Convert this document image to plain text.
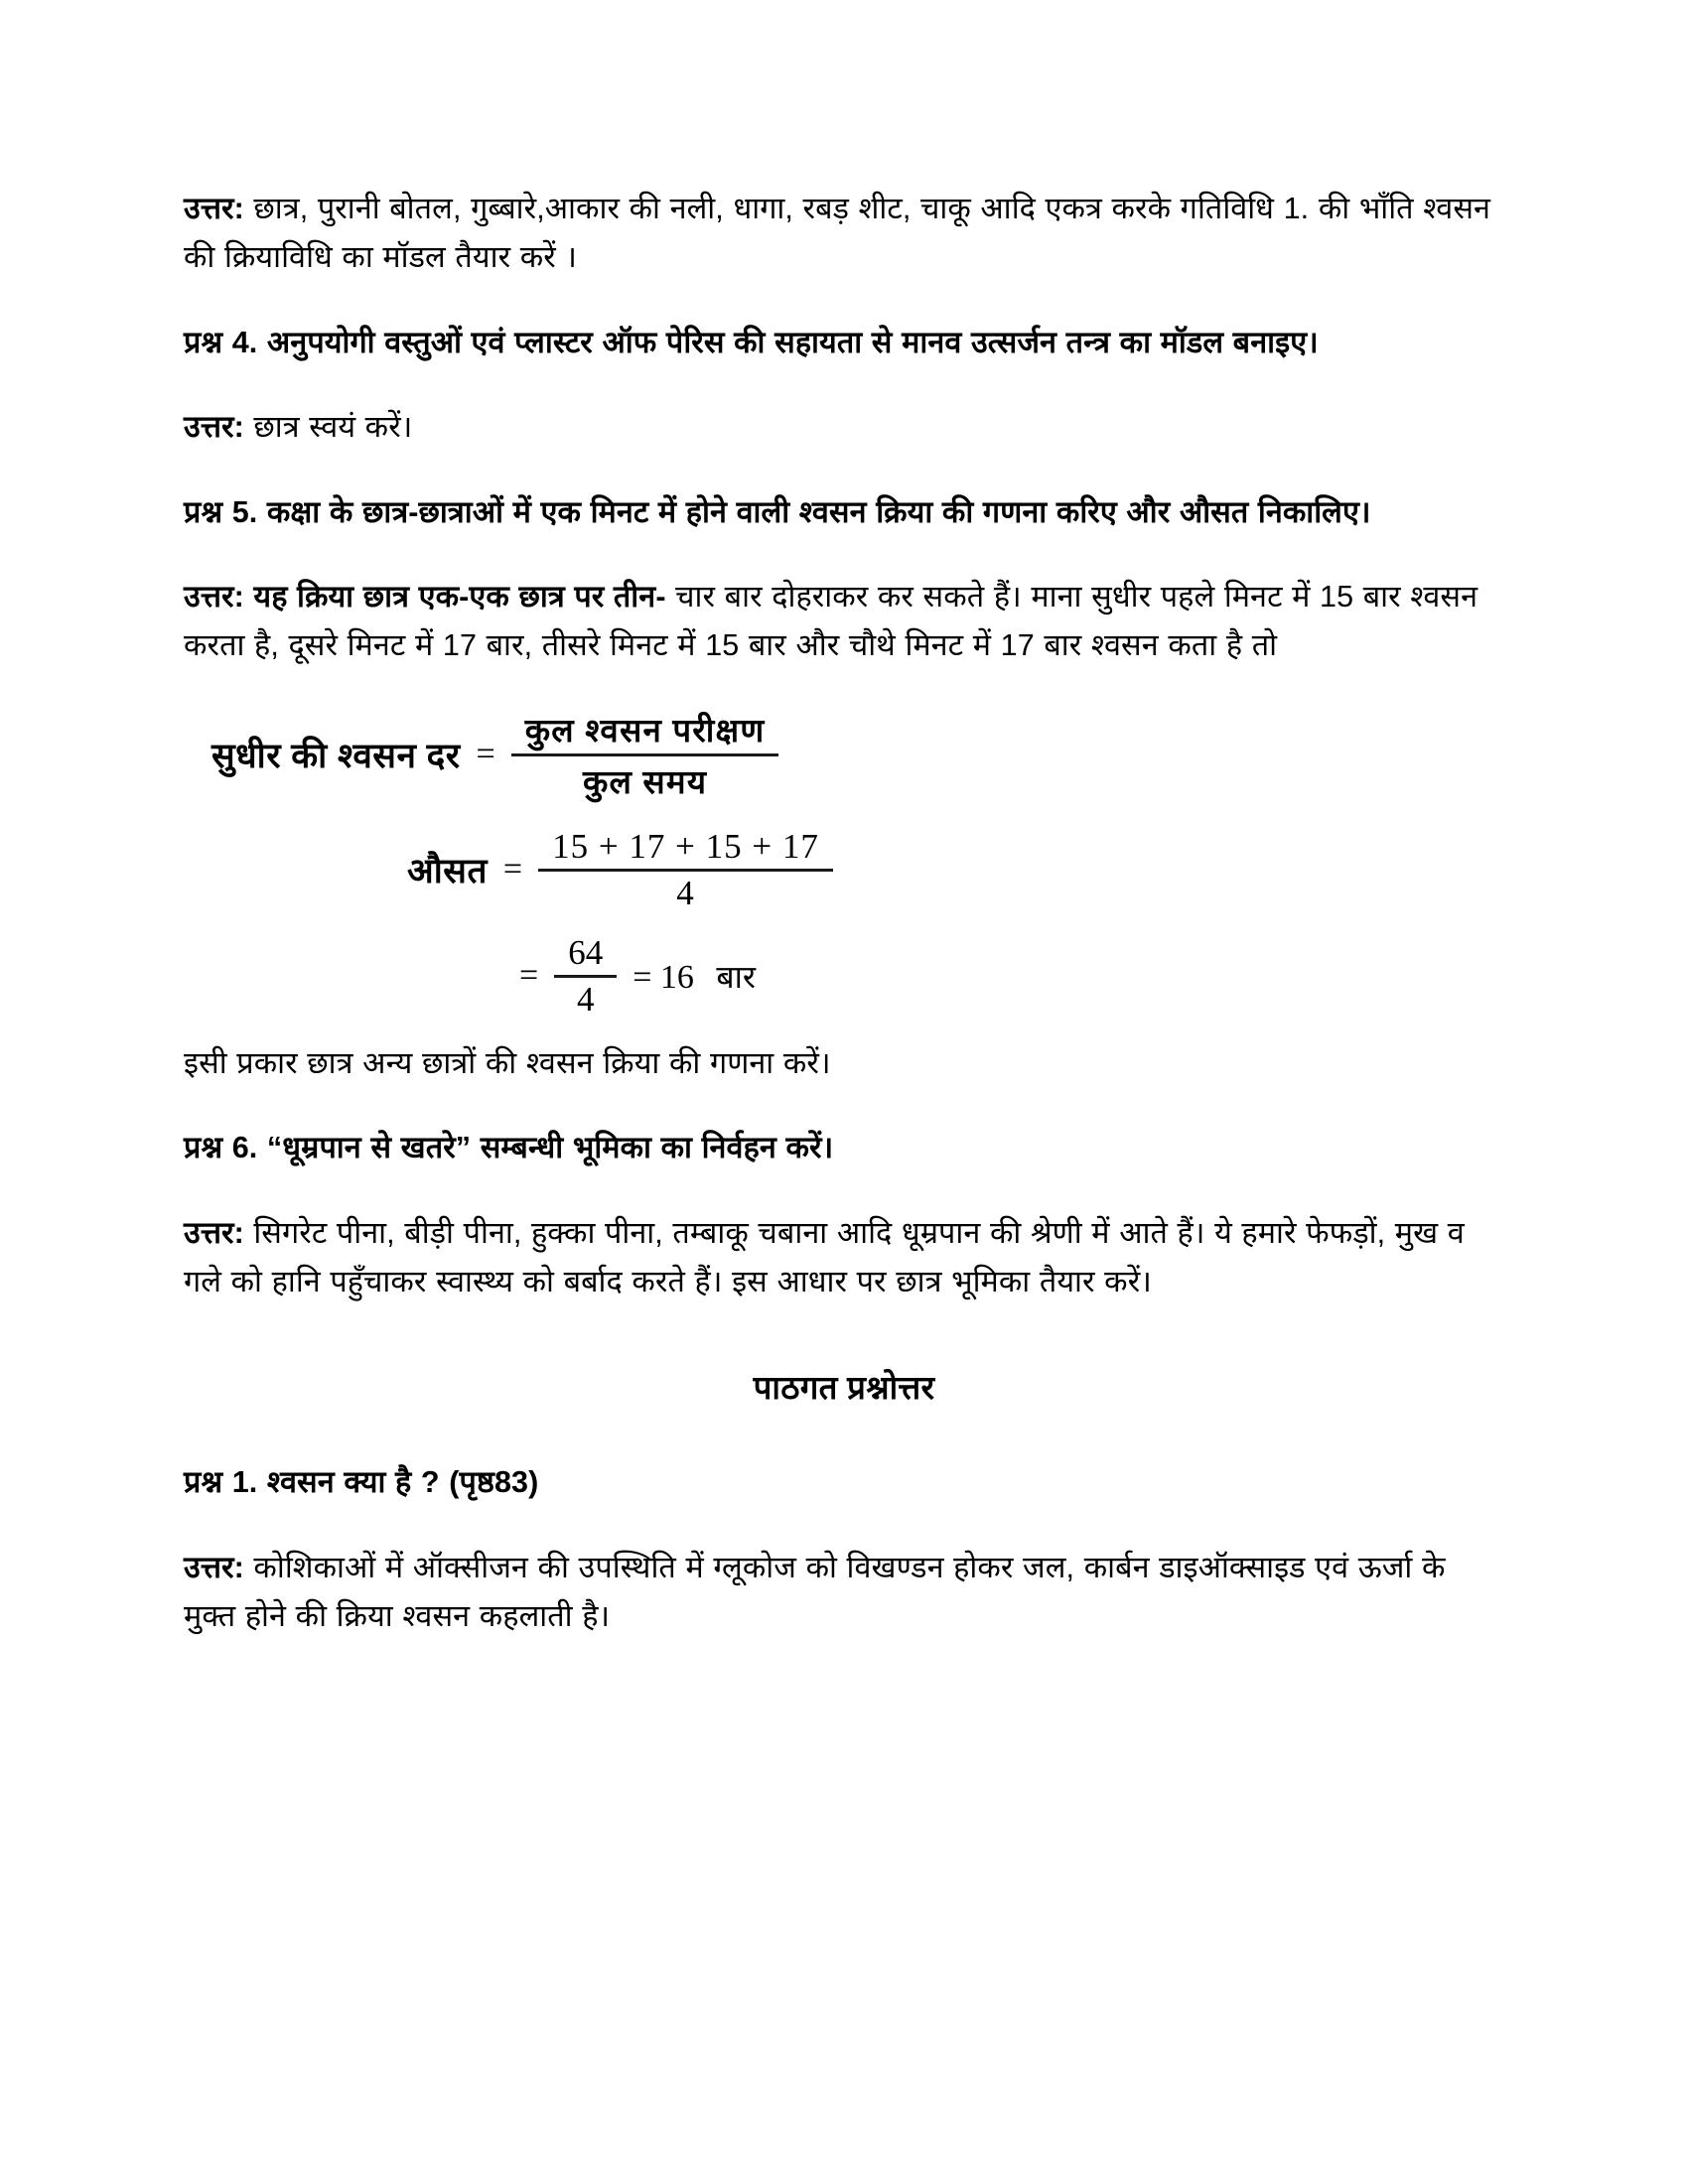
उत्तर: छात्र, पुरानी बोतल, गुब्बारे,आकार की नली, धागा, रबड़ शीट, चाकू आदि एकत्र करके गतिविधि 1. की भाँति श्वसन की क्रियाविधि का मॉडल तैयार करें ।

प्रश्न 4. अनुपयोगी वस्तुओं एवं प्लास्टर ऑफ पेरिस की सहायता से मानव उत्सर्जन तन्त्र का मॉडल बनाइए।

उत्तर: छात्र स्वयं करें।

प्रश्न 5. कक्षा के छात्र-छात्राओं में एक मिनट में होने वाली श्वसन क्रिया की गणना करिए और औसत निकालिए।

उत्तर: यह क्रिया छात्र एक-एक छात्र पर तीन- चार बार दोहराकर कर सकते हैं। माना सुधीर पहले मिनट में 15 बार श्वसन करता है, दूसरे मिनट में 17 बार, तीसरे मिनट में 15 बार और चौथे मिनट में 17 बार श्वसन कता है तो

सुधीर की श्वसन दर = $\frac{\text{कुल श्वसन परीक्षण}}{\text{कुल समय}}$
औसत = $\frac{15 + 17 + 15 + 17}{4}$
= $\frac{64}{4} = 16$ बार

इसी प्रकार छात्र अन्य छात्रों की श्वसन क्रिया की गणना करें।

प्रश्न 6. “धूम्रपान से खतरे” सम्बन्धी भूमिका का निर्वहन करें।

उत्तर: सिगरेट पीना, बीड़ी पीना, हुक्का पीना, तम्बाकू चबाना आदि धूम्रपान की श्रेणी में आते हैं। ये हमारे फेफड़ों, मुख व गले को हानि पहुँचाकर स्वास्थ्य को बर्बाद करते हैं। इस आधार पर छात्र भूमिका तैयार करें।

पाठगत प्रश्नोत्तर

प्रश्न 1. श्वसन क्या है ? (पृष्ठ83)

उत्तर: कोशिकाओं में ऑक्सीजन की उपस्थिति में ग्लूकोज को विखण्डन होकर जल, कार्बन डाइऑक्साइड एवं ऊर्जा के मुक्त होने की क्रिया श्वसन कहलाती है।
